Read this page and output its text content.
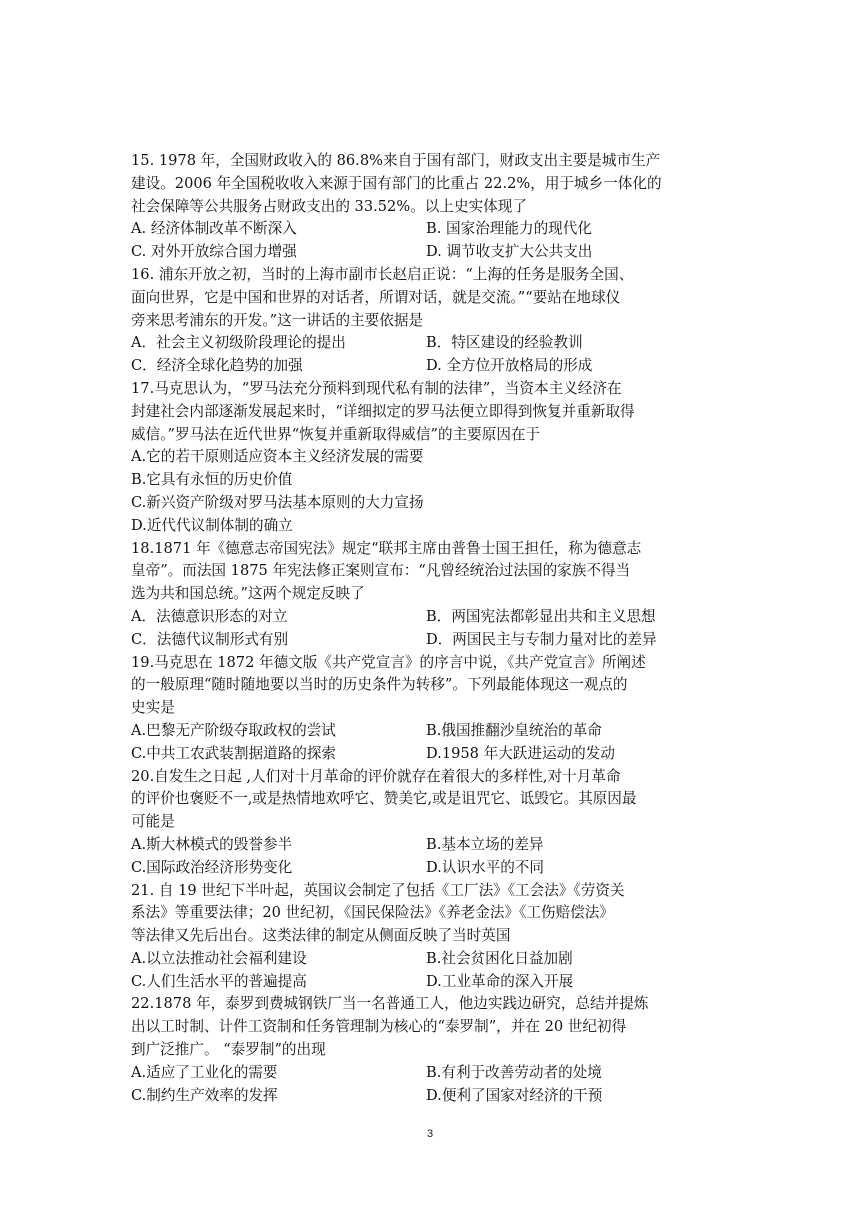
15. 1978 年，全国财政收入的 86.8%来自于国有部门，财政支出主要是城市生产
建设。2006 年全国税收收入来源于国有部门的比重占 22.2%，用于城乡一体化的
社会保障等公共服务占财政支出的 33.52%。以上史实体现了
A. 经济体制改革不断深入	B. 国家治理能力的现代化
C. 对外开放综合国力增强	D. 调节收支扩大公共支出
16. 浦东开放之初，当时的上海市副市长赵启正说：“上海的任务是服务全国、
面向世界，它是中国和世界的对话者，所谓对话，就是交流。”“要站在地球仪
旁来思考浦东的开发。”这一讲话的主要依据是
A．社会主义初级阶段理论的提出	B．特区建设的经验教训
C．经济全球化趋势的加强	D. 全方位开放格局的形成
17.马克思认为，“罗马法充分预料到现代私有制的法律”，当资本主义经济在
封建社会内部逐渐发展起来时，“详细拟定的罗马法便立即得到恢复并重新取得
威信。”罗马法在近代世界“恢复并重新取得威信”的主要原因在于
A.它的若干原则适应资本主义经济发展的需要
B.它具有永恒的历史价值
C.新兴资产阶级对罗马法基本原则的大力宣扬
D.近代代议制体制的确立
18.1871 年《德意志帝国宪法》规定“联邦主席由普鲁士国王担任，称为德意志
皇帝”。而法国 1875 年宪法修正案则宣布：“凡曾经统治过法国的家族不得当
选为共和国总统。”这两个规定反映了
A．法德意识形态的对立	B．两国宪法都彰显出共和主义思想
C．法德代议制形式有别	D．两国民主与专制力量对比的差异
19.马克思在 1872 年德文版《共产党宣言》的序言中说，《共产党宣言》所阐述
的一般原理“随时随地要以当时的历史条件为转移”。下列最能体现这一观点的
史实是
A.巴黎无产阶级夺取政权的尝试	B.俄国推翻沙皇统治的革命
C.中共工农武装割据道路的探索	D.1958 年大跃进运动的发动
20.自发生之日起 ,人们对十月革命的评价就存在着很大的多样性,对十月革命
的评价也褒贬不一,或是热情地欢呼它、赞美它,或是诅咒它、诋毁它。其原因最
可能是
A.斯大林模式的毁誉参半	B.基本立场的差异
C.国际政治经济形势变化	D.认识水平的不同
21. 自 19 世纪下半叶起，英国议会制定了包括《工厂法》《工会法》《劳资关
系法》等重要法律；20 世纪初，《国民保险法》《养老金法》《工伤赔偿法》
等法律又先后出台。这类法律的制定从侧面反映了当时英国
A.以立法推动社会福利建设	B.社会贫困化日益加剧
C.人们生活水平的普遍提高	D.工业革命的深入开展
22.1878 年，泰罗到费城钢铁厂当一名普通工人，他边实践边研究，总结并提炼
出以工时制、计件工资制和任务管理制为核心的“泰罗制”，并在 20 世纪初得
到广泛推广。 “泰罗制”的出现
A.适应了工业化的需要	B.有利于改善劳动者的处境
C.制约生产效率的发挥	D.便利了国家对经济的干预
3
